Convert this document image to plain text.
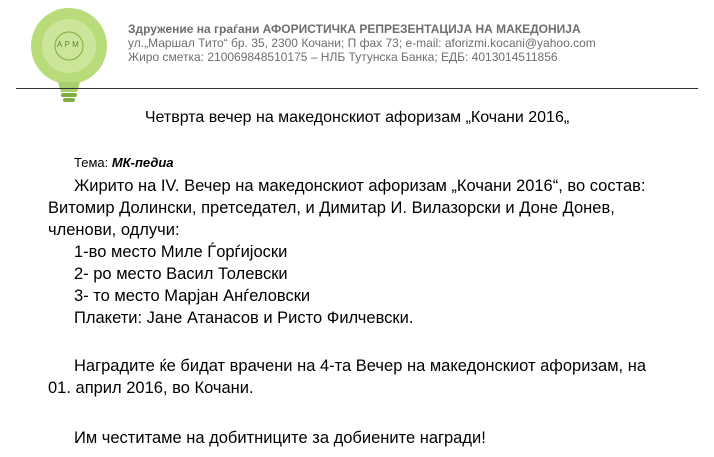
А Р М
Здружение на граѓани АФОРИСТИЧКА РЕПРЕЗЕНТАЦИЈА НА МАКЕДОНИЈА
ул.„Маршал Тито“ бр. 35, 2300 Кочани; П фах 73; e-mail: aforizmi.kocani@yahoo.com
Жиро сметка: 210069848510175 – НЛБ Тутунска Банка; ЕДБ: 4013014511856
Четврта вечер на македонскиот афоризам „Кочани 2016„
Тема: МК-педиа
Жирито на IV. Вечер на македонскиот афоризам „Кочани 2016“, во состав:
Витомир Долински, претседател, и Димитар И. Вилазорски и Доне Донев,
членови, одлучи:
1-во место Миле Ѓорѓијоски
2- ро место Васил Толевски
3- то место Марјан Анѓеловски
Плакети: Јане Атанасов и Ристо Филчевски.
Наградите ќе бидат врачени на 4-та Вечер на македонскиот афоризам, на
01. април 2016, во Кочани.
Им честитаме на добитниците за добиените награди!
